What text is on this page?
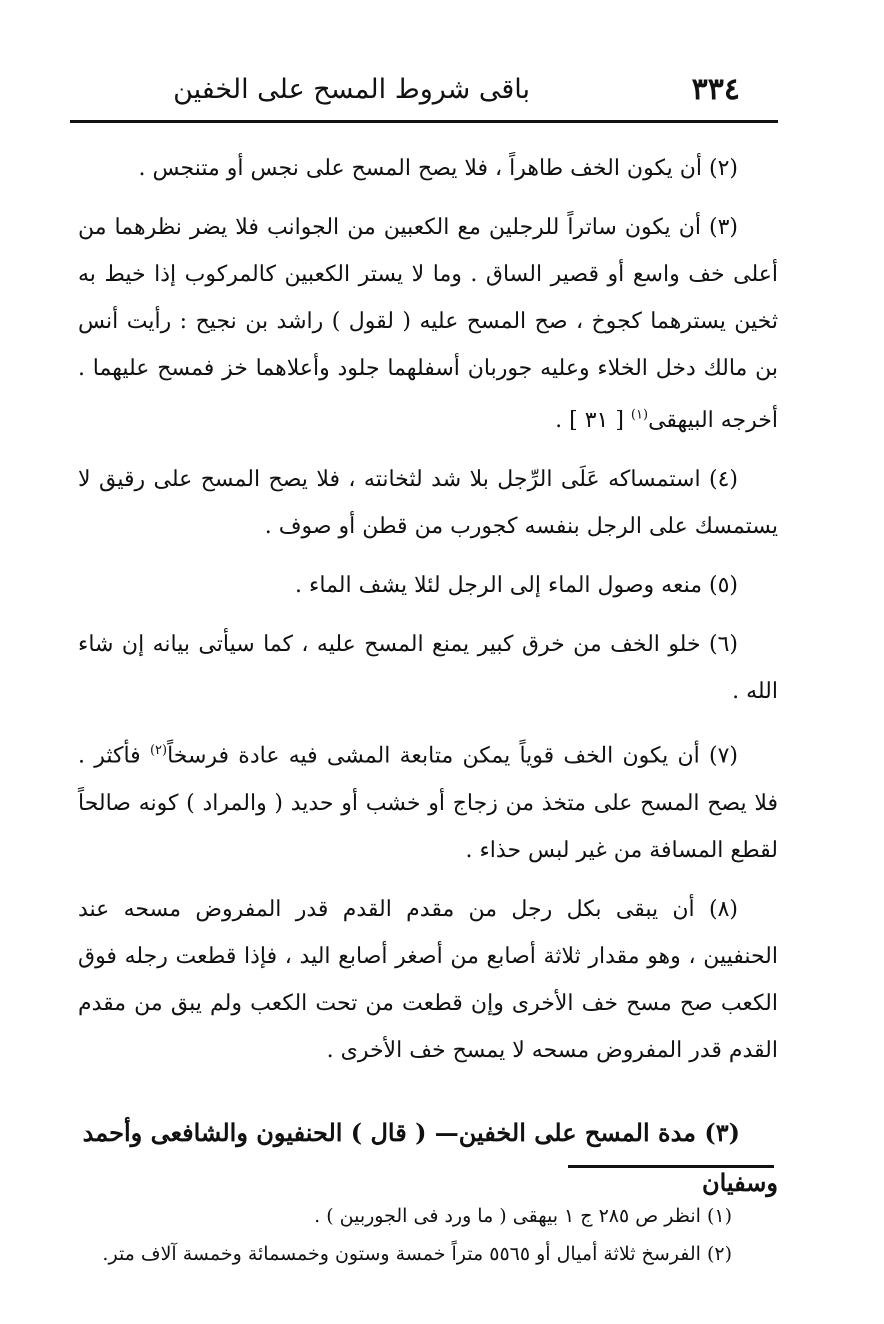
٣٣٤
باقى شروط المسح على الخفين

(٢) أن يكون الخف طاهراً ، فلا يصح المسح على نجس أو متنجس .

(٣) أن يكون ساتراً للرجلين مع الكعبين من الجوانب فلا يضر نظرهما من أعلى خف واسع أو قصير الساق . وما لا يستر الكعبين كالمركوب إذا خيط به ثخين يسترهما كجوخ ، صح المسح عليه ( لقول ) راشد بن نجيح : رأيت أنس بن مالك دخل الخلاء وعليه جوربان أسفلهما جلود وأعلاهما خز فمسح عليهما . أخرجه البيهقى$^{(١)}$ [ ٣١ ] .

(٤) استمساكه عَلَى الرِّجل بلا شد لثخانته ، فلا يصح المسح على رقيق لا يستمسك على الرجل بنفسه كجورب من قطن أو صوف .

(٥) منعه وصول الماء إلى الرجل لئلا يشف الماء .

(٦) خلو الخف من خرق كبير يمنع المسح عليه ، كما سيأتى بيانه إن شاء الله .

(٧) أن يكون الخف قوياً يمكن متابعة المشى فيه عادة فرسخاً$^{(٢)}$ فأكثر . فلا يصح المسح على متخذ من زجاج أو خشب أو حديد ( والمراد ) كونه صالحاً لقطع المسافة من غير لبس حذاء .

(٨) أن يبقى بكل رجل من مقدم القدم قدر المفروض مسحه عند الحنفيين ، وهو مقدار ثلاثة أصابع من أصغر أصابع اليد ، فإذا قطعت رجله فوق الكعب صح مسح خف الأخرى وإن قطعت من تحت الكعب ولم يبق من مقدم القدم قدر المفروض مسحه لا يمسح خف الأخرى .

(٣) مدة المسح على الخفين— ( قال ) الحنفيون والشافعى وأحمد وسفيان

(١) انظر ص ٢٨٥ ج ١ بيهقى ( ما ورد فى الجوربين ) .

(٢) الفرسخ ثلاثة أميال أو ٥٥٦٥ متراً خمسة وستون وخمسمائة وخمسة آلاف متر.
